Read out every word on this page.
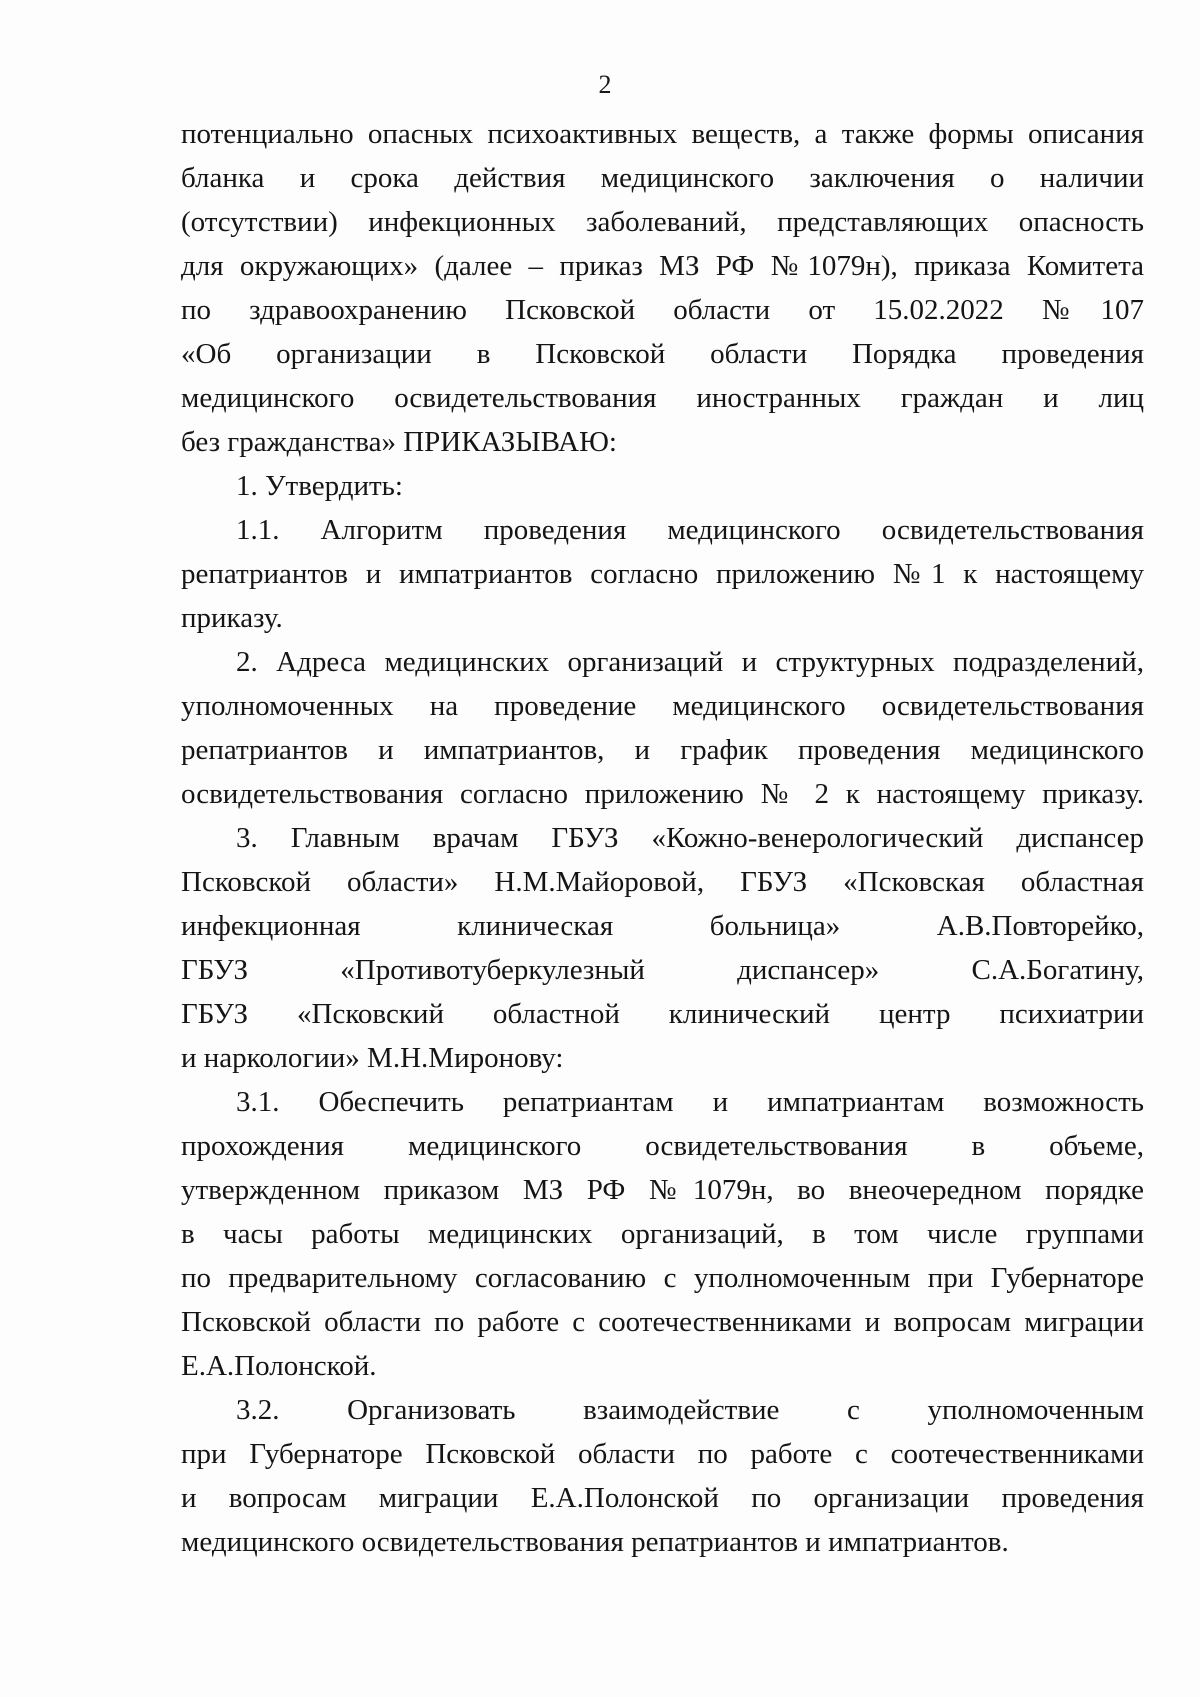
2
потенциально опасных психоактивных веществ, а также формы описания
бланка и срока действия медицинского заключения о наличии
(отсутствии) инфекционных заболеваний, представляющих опасность
для окружающих» (далее – приказ МЗ РФ №1079н), приказа Комитета
по здравоохранению Псковской области от 15.02.2022 №107
«Об организации в Псковской области Порядка проведения
медицинского освидетельствования иностранных граждан и лиц
без гражданства» ПРИКАЗЫВАЮ:
1. Утвердить:
1.1. Алгоритм проведения медицинского освидетельствования
репатриантов и импатриантов согласно приложению №1 к настоящему
приказу.
2. Адреса медицинских организаций и структурных подразделений,
уполномоченных на проведение медицинского освидетельствования
репатриантов и импатриантов, и график проведения медицинского
освидетельствования согласно приложению № 2 к настоящему приказу.
3. Главным врачам ГБУЗ «Кожно-венерологический диспансер
Псковской области» Н.М.Майоровой, ГБУЗ «Псковская областная
инфекционная клиническая больница» А.В.Повторейко,
ГБУЗ «Противотуберкулезный диспансер» С.А.Богатину,
ГБУЗ «Псковский областной клинический центр психиатрии
и наркологии» М.Н.Миронову:
3.1. Обеспечить репатриантам и импатриантам возможность
прохождения медицинского освидетельствования в объеме,
утвержденном приказом МЗ РФ №1079н, во внеочередном порядке
в часы работы медицинских организаций, в том числе группами
по предварительному согласованию с уполномоченным при Губернаторе
Псковской области по работе с соотечественниками и вопросам миграции
Е.А.Полонской.
3.2. Организовать взаимодействие с уполномоченным
при Губернаторе Псковской области по работе с соотечественниками
и вопросам миграции Е.А.Полонской по организации проведения
медицинского освидетельствования репатриантов и импатриантов.
